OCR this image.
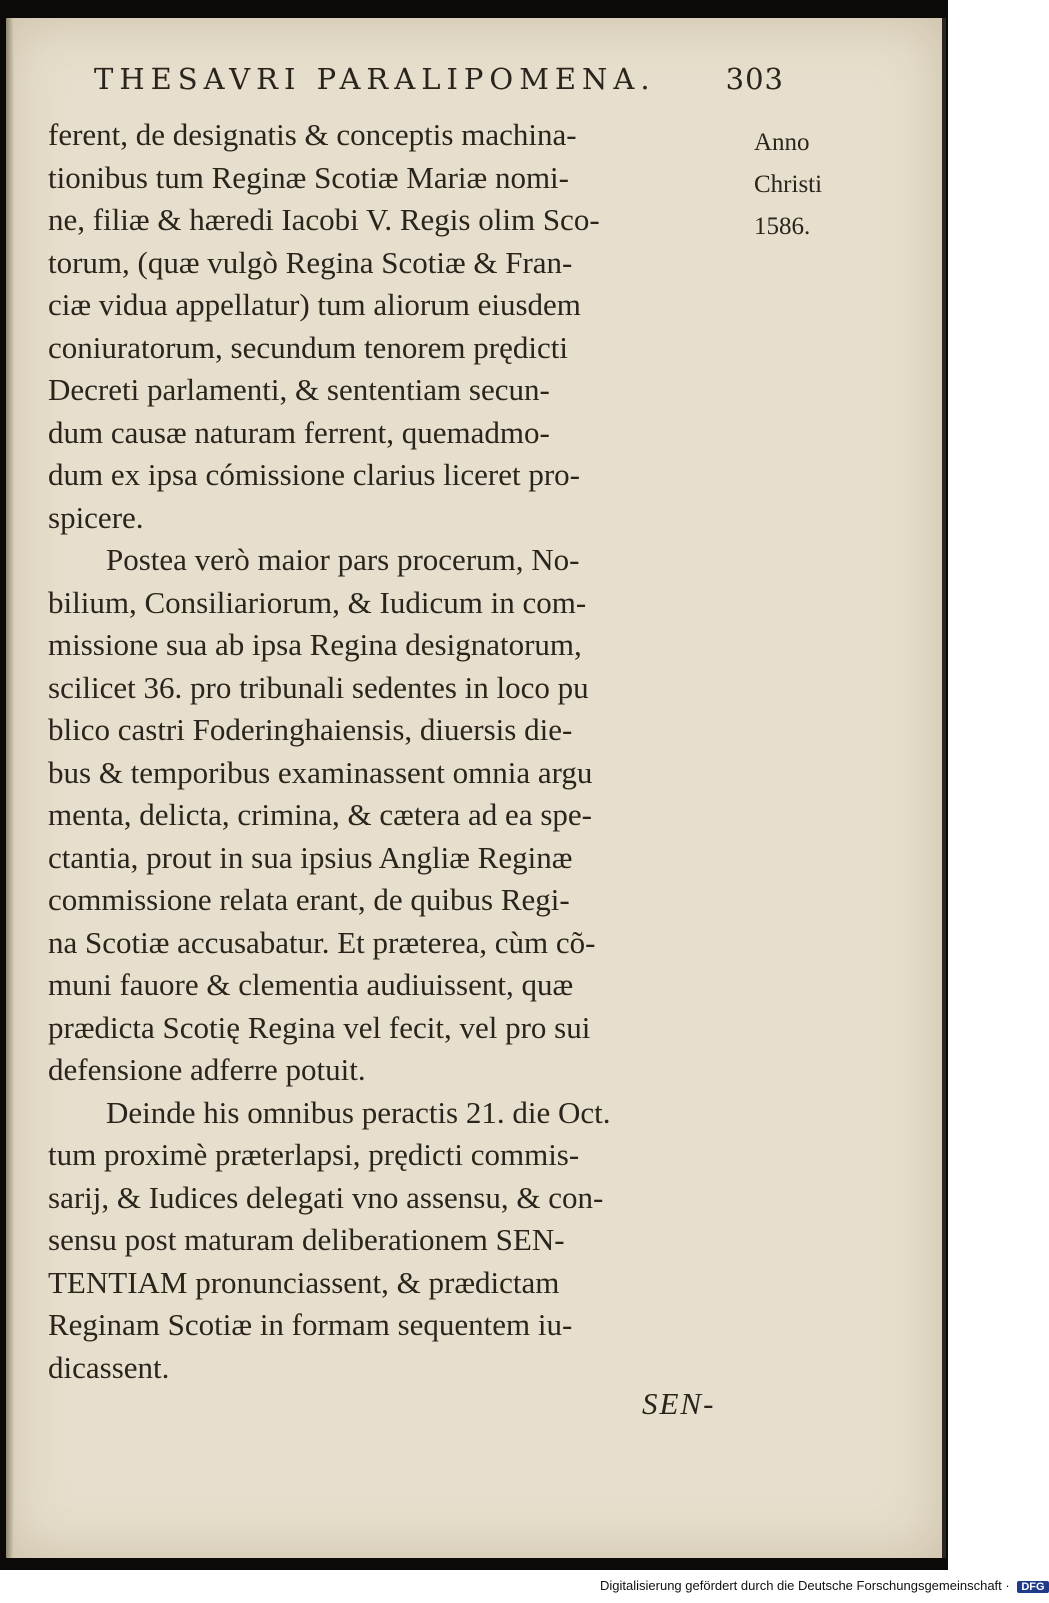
THESAVRI PARALIPOMENA. 303
Anno
Christi
1586.
ferent, de designatis & conceptis machina-
tionibus tum Reginæ Scotiæ Mariæ nomi-
ne, filiæ & hæredi Iacobi V. Regis olim Sco-
torum, (quæ vulgò Regina Scotiæ & Fran-
ciæ vidua appellatur) tum aliorum eiusdem
coniuratorum, secundum tenorem prędicti
Decreti parlamenti, & sententiam secun-
dum causæ naturam ferrent, quemadmo-
dum ex ipsa cómissione clarius liceret pro-
spicere.
Postea verò maior pars procerum, No-
bilium, Consiliariorum, & Iudicum in com-
missione sua ab ipsa Regina designatorum,
scilicet 36. pro tribunali sedentes in loco pu
blico castri Foderinghaiensis, diuersis die-
bus & temporibus examinassent omnia argu
menta, delicta, crimina, & cætera ad ea spe-
ctantia, prout in sua ipsius Angliæ Reginæ
commissione relata erant, de quibus Regi-
na Scotiæ accusabatur. Et præterea, cùm cõ-
muni fauore & clementia audiuissent, quæ
prædicta Scotię Regina vel fecit, vel pro sui
defensione adferre potuit.
Deinde his omnibus peractis 21. die Oct.
tum proximè præterlapsi, prędicti commis-
sarij, & Iudices delegati vno assensu, & con-
sensu post maturam deliberationem SEN-
TENTIAM pronunciassent, & prædictam
Reginam Scotiæ in formam sequentem iu-
dicassent.
SEN-
Digitalisierung gefördert durch die Deutsche Forschungsgemeinschaft · DFG
